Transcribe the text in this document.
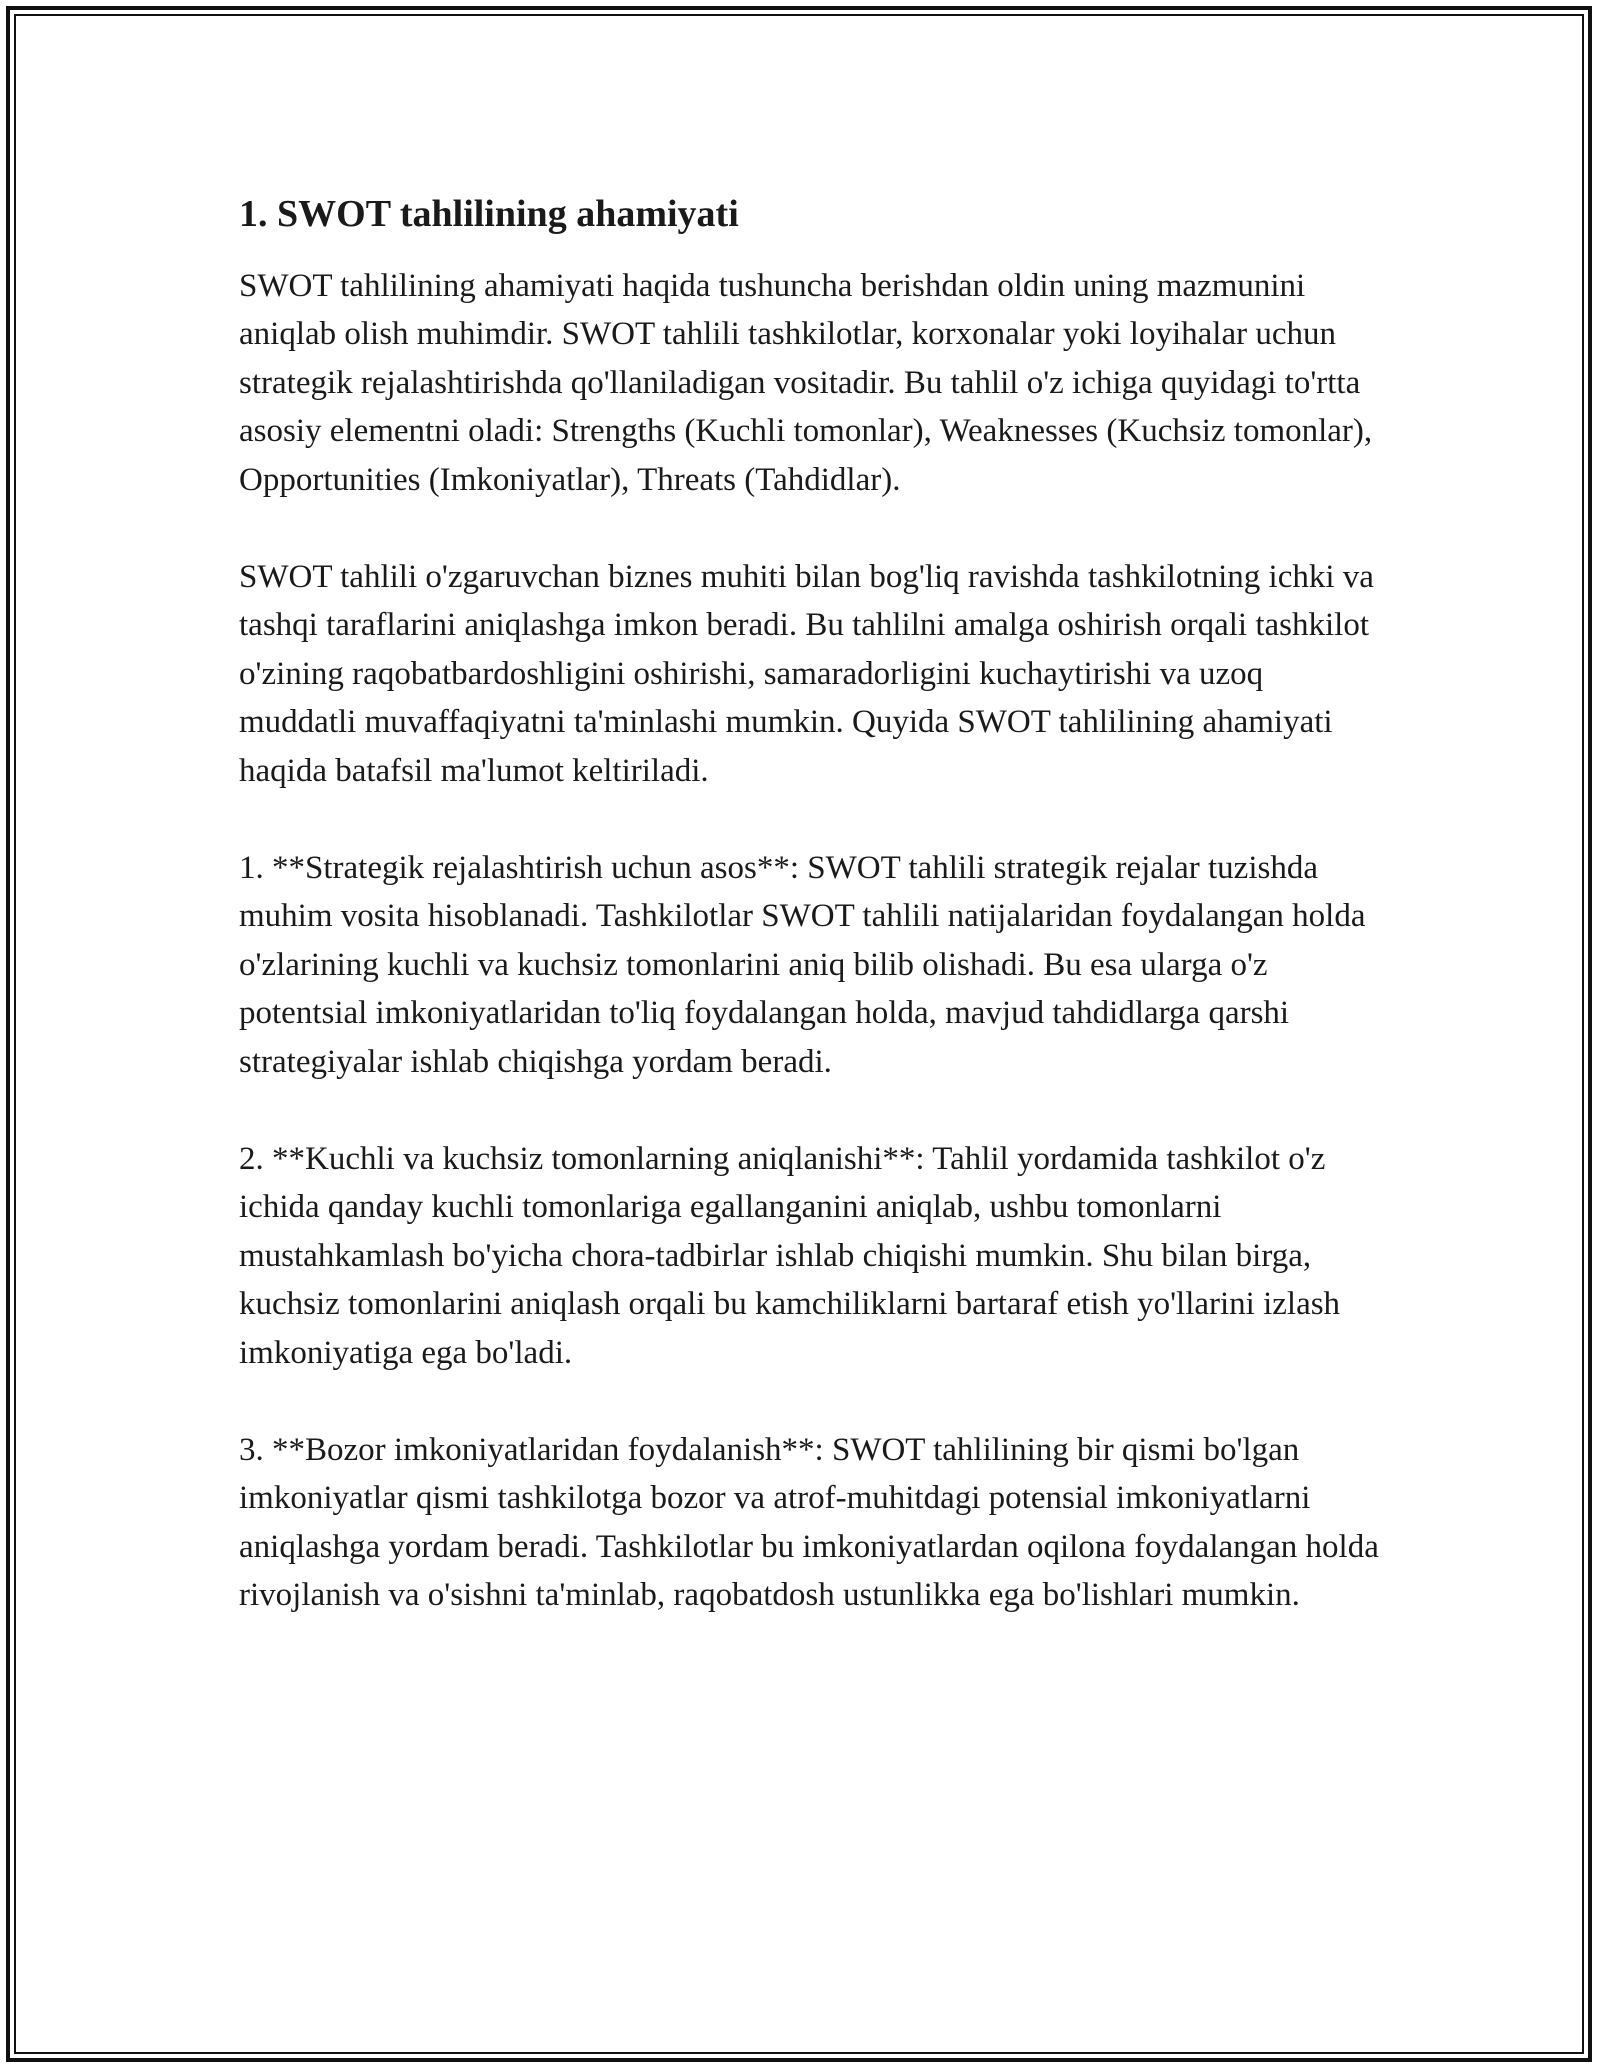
1. SWOT tahlilining ahamiyati

SWOT tahlilining ahamiyati haqida tushuncha berishdan oldin uning mazmunini aniqlab olish muhimdir. SWOT tahlili tashkilotlar, korxonalar yoki loyihalar uchun strategik rejalashtirishda qo'llaniladigan vositadir. Bu tahlil o'z ichiga quyidagi to'rtta asosiy elementni oladi: Strengths (Kuchli tomonlar), Weaknesses (Kuchsiz tomonlar), Opportunities (Imkoniyatlar), Threats (Tahdidlar).

SWOT tahlili o'zgaruvchan biznes muhiti bilan bog'liq ravishda tashkilotning ichki va tashqi taraflarini aniqlashga imkon beradi. Bu tahlilni amalga oshirish orqali tashkilot o'zining raqobatbardoshligini oshirishi, samaradorligini kuchaytirishi va uzoq muddatli muvaffaqiyatni ta'minlashi mumkin. Quyida SWOT tahlilining ahamiyati haqida batafsil ma'lumot keltiriladi.

1. **Strategik rejalashtirish uchun asos**: SWOT tahlili strategik rejalar tuzishda muhim vosita hisoblanadi. Tashkilotlar SWOT tahlili natijalaridan foydalangan holda o'zlarining kuchli va kuchsiz tomonlarini aniq bilib olishadi. Bu esa ularga o'z potentsial imkoniyatlaridan to'liq foydalangan holda, mavjud tahdidlarga qarshi strategiyalar ishlab chiqishga yordam beradi.

2. **Kuchli va kuchsiz tomonlarning aniqlanishi**: Tahlil yordamida tashkilot o'z ichida qanday kuchli tomonlariga egallanganini aniqlab, ushbu tomonlarni mustahkamlash bo'yicha chora-tadbirlar ishlab chiqishi mumkin. Shu bilan birga, kuchsiz tomonlarini aniqlash orqali bu kamchiliklarni bartaraf etish yo'llarini izlash imkoniyatiga ega bo'ladi.

3. **Bozor imkoniyatlaridan foydalanish**: SWOT tahlilining bir qismi bo'lgan imkoniyatlar qismi tashkilotga bozor va atrof-muhitdagi potensial imkoniyatlarni aniqlashga yordam beradi. Tashkilotlar bu imkoniyatlardan oqilona foydalangan holda rivojlanish va o'sishni ta'minlab, raqobatdosh ustunlikka ega bo'lishlari mumkin.
